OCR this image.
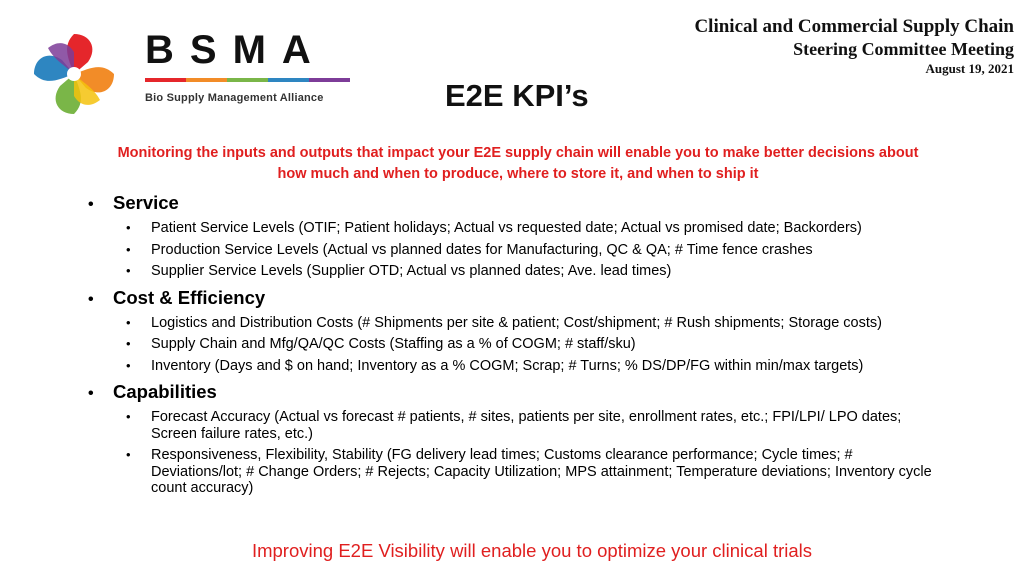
BSMA
Bio Supply Management Alliance
Clinical and Commercial Supply Chain
Steering Committee Meeting
August 19, 2021
E2E KPI’s
Monitoring the inputs and outputs that impact your E2E supply chain will enable you to make better decisions about
how much and when to produce, where to store it, and when to ship it
•	Service
•	Patient Service Levels (OTIF; Patient holidays; Actual vs requested date; Actual vs promised date; Backorders)
•	Production Service Levels (Actual vs planned dates for Manufacturing, QC & QA; # Time fence crashes
•	Supplier Service Levels (Supplier OTD; Actual vs planned dates; Ave. lead times)
•	Cost & Efficiency
•	Logistics and Distribution Costs (# Shipments per site & patient; Cost/shipment; # Rush shipments; Storage costs)
•	Supply Chain and Mfg/QA/QC Costs (Staffing as a % of COGM; # staff/sku)
•	Inventory (Days and $ on hand; Inventory as a % COGM; Scrap; # Turns; % DS/DP/FG within min/max targets)
•	Capabilities
•	Forecast Accuracy (Actual vs forecast # patients, # sites, patients per site, enrollment rates, etc.; FPI/LPI/ LPO dates; Screen failure rates, etc.)
•	Responsiveness, Flexibility, Stability (FG delivery lead times; Customs clearance performance; Cycle times; # Deviations/lot; # Change Orders; # Rejects; Capacity Utilization; MPS attainment; Temperature deviations; Inventory cycle count accuracy)
Improving E2E Visibility will enable you to optimize your clinical trials
